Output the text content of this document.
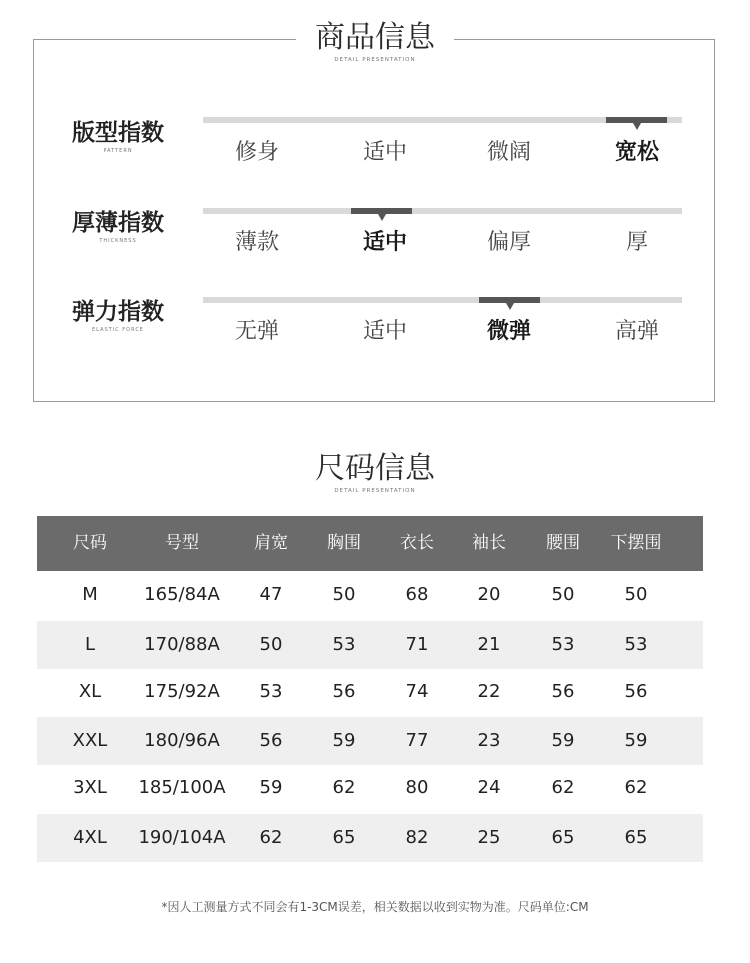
商品信息
DETAIL PRESENTATION
版型指数
PATTERN	修身	适中	微阔	宽松
厚薄指数
THICKNESS	薄款	适中	偏厚	厚
弹力指数
ELASTIC FORCE	无弹	适中	微弹	高弹
尺码信息
DETAIL PRESENTATION
尺码	号型	肩宽	胸围	衣长	袖长	腰围	下摆围
M	165/84A	47	50	68	20	50	50
L	170/88A	50	53	71	21	53	53
XL	175/92A	53	56	74	22	56	56
XXL	180/96A	56	59	77	23	59	59
3XL	185/100A	59	62	80	24	62	62
4XL	190/104A	62	65	82	25	65	65
*因人工测量方式不同会有1-3CM误差，相关数据以收到实物为准。尺码单位:CM
